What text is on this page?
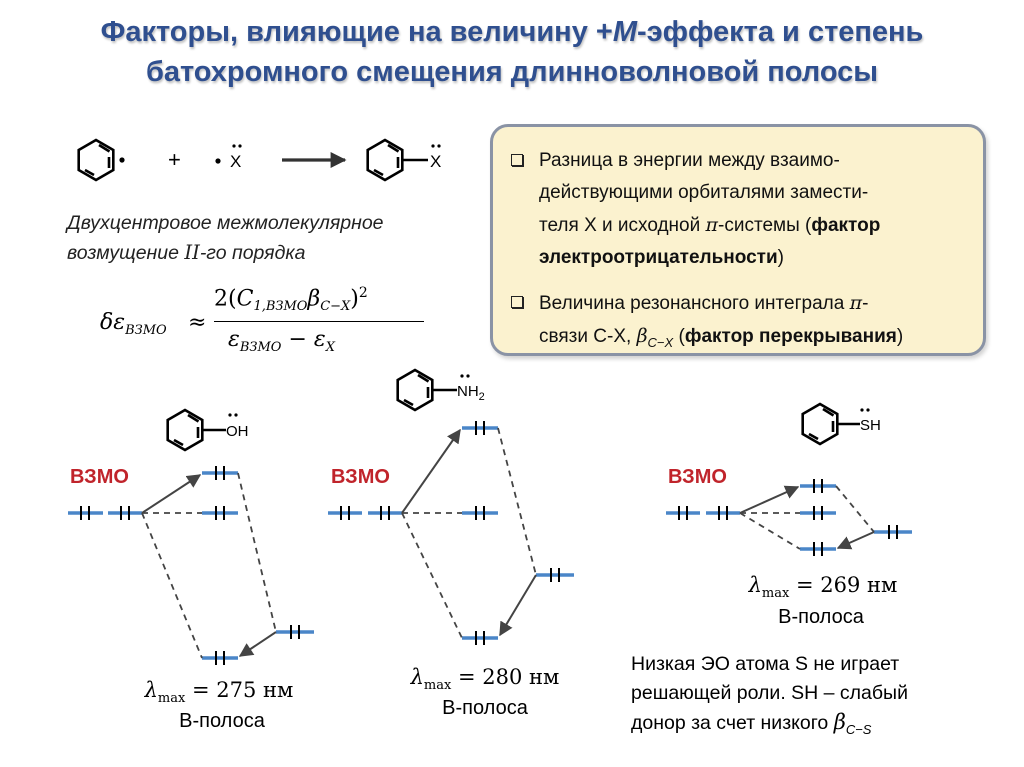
Факторы, влияющие на величину +М-эффекта и степень
батохромного смещения длинноволновой полосы
+	X	X
OH
$NH_2$
SH
Двухцентровое межмолекулярное
возмущение II-го порядка
$\delta\varepsilon_{ВЗМО}$ ≈
$2(C_{1,ВЗМО}\beta_{C-X})^2$
$\varepsilon_{ВЗМО} - \varepsilon_X$
Разница в энергии между взаимо-
действующими орбиталями замести-
теля X и исходной π-системы (фактор
электроотрицательности)
Величина резонансного интеграла π-
связи C-X, $\beta_{C-X}$ (фактор перекрывания)
ВЗМО	ВЗМО	ВЗМО
$\lambda_{max} = 275$ нм
B-полоса
$\lambda_{max} = 280$ нм
B-полоса
$\lambda_{max} = 269$ нм
B-полоса
Низкая ЭО атома S не играет
решающей роли. SH – слабый
донор за счет низкого $\beta_{C-S}$
